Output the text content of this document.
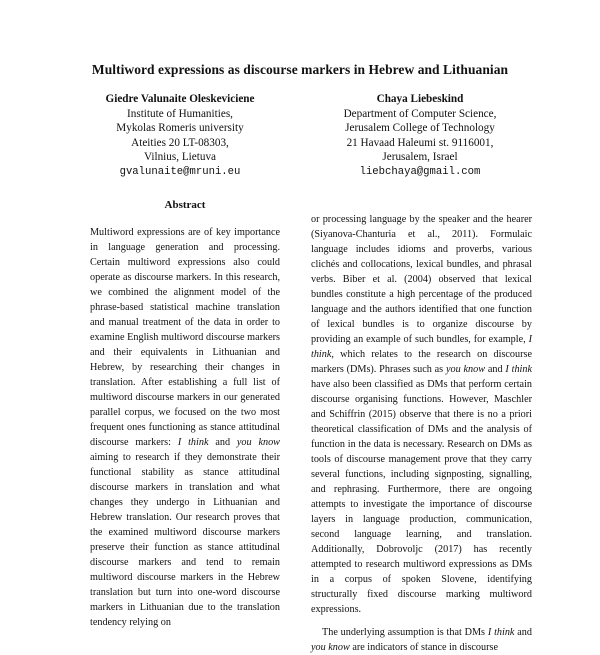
Multiword expressions as discourse markers in Hebrew and Lithuanian
Giedre Valunaite Oleskeviciene
Institute of Humanities,
Mykolas Romeris university
Ateities 20 LT-08303,
Vilnius, Lietuva
gvalunaite@mruni.eu
Chaya Liebeskind
Department of Computer Science,
Jerusalem College of Technology
21 Havaad Haleumi st. 9116001,
Jerusalem, Israel
liebchaya@gmail.com
Abstract

Multiword expressions are of key importance in language generation and processing. Certain multiword expressions also could operate as discourse markers. In this research, we combined the alignment model of the phrase-based statistical machine translation and manual treatment of the data in order to examine English multiword discourse markers and their equivalents in Lithuanian and Hebrew, by researching their changes in translation. After establishing a full list of multiword discourse markers in our generated parallel corpus, we focused on the two most frequent ones functioning as stance attitudinal discourse markers: I think and you know aiming to research if they demonstrate their functional stability as stance attitudinal discourse markers in translation and what changes they undergo in Lithuanian and Hebrew translation. Our research proves that the examined multiword discourse markers preserve their function as stance attitudinal discourse markers and tend to remain multiword discourse markers in the Hebrew translation but turn into one-word discourse markers in Lithuanian due to the translation tendency relying on

or processing language by the speaker and the hearer (Siyanova-Chanturia et al., 2011). Formulaic language includes idioms and proverbs, various clichés and collocations, lexical bundles, and phrasal verbs. Biber et al. (2004) observed that lexical bundles constitute a high percentage of the produced language and the authors identified that one function of lexical bundles is to organize discourse by providing an example of such bundles, for example, I think, which relates to the research on discourse markers (DMs). Phrases such as you know and I think have also been classified as DMs that perform certain discourse organising functions. However, Maschler and Schiffrin (2015) observe that there is no a priori theoretical classification of DMs and the analysis of function in the data is necessary. Research on DMs as tools of discourse management prove that they carry several functions, including signposting, signalling, and rephrasing. Furthermore, there are ongoing attempts to investigate the importance of discourse layers in language production, communication, second language learning, and translation. Additionally, Dobrovoljc (2017) has recently attempted to research multiword expressions as DMs in a corpus of spoken Slovene, identifying structurally fixed discourse marking multiword expressions.

The underlying assumption is that DMs I think and you know are indicators of stance in discourse
